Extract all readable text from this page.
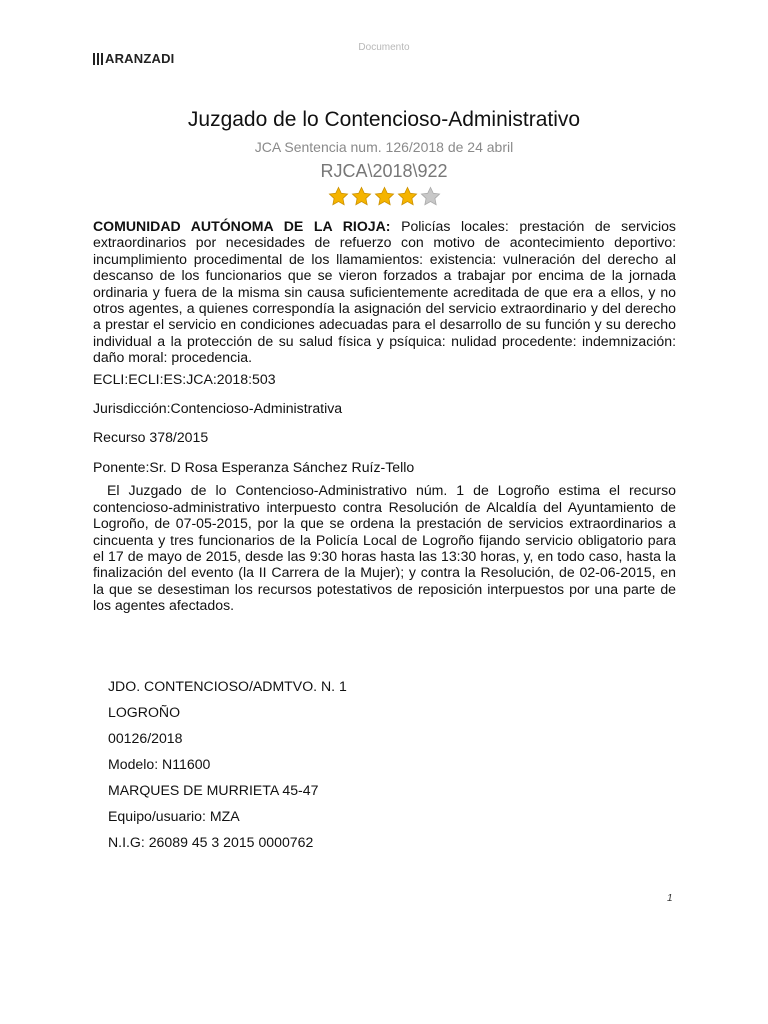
Documento
ARANZADI
Juzgado de lo Contencioso-Administrativo
JCA Sentencia num. 126/2018 de 24 abril
RJCA\2018\922

COMUNIDAD AUTÓNOMA DE LA RIOJA: Policías locales: prestación de servicios extraordinarios por necesidades de refuerzo con motivo de acontecimiento deportivo: incumplimiento procedimental de los llamamientos: existencia: vulneración del derecho al descanso de los funcionarios que se vieron forzados a trabajar por encima de la jornada ordinaria y fuera de la misma sin causa suficientemente acreditada de que era a ellos, y no otros agentes, a quienes correspondía la asignación del servicio extraordinario y del derecho a prestar el servicio en condiciones adecuadas para el desarrollo de su función y su derecho individual a la protección de su salud física y psíquica: nulidad procedente: indemnización: daño moral: procedencia.

ECLI:ECLI:ES:JCA:2018:503
Jurisdicción:Contencioso-Administrativa
Recurso 378/2015
Ponente:Sr. D Rosa Esperanza Sánchez Ruíz-Tello

El Juzgado de lo Contencioso-Administrativo núm. 1 de Logroño estima el recurso contencioso-administrativo interpuesto contra Resolución de Alcaldía del Ayuntamiento de Logroño, de 07-05-2015, por la que se ordena la prestación de servicios extraordinarios a cincuenta y tres funcionarios de la Policía Local de Logroño fijando servicio obligatorio para el 17 de mayo de 2015, desde las 9:30 horas hasta las 13:30 horas, y, en todo caso, hasta la finalización del evento (la II Carrera de la Mujer); y contra la Resolución, de 02-06-2015, en la que se desestiman los recursos potestativos de reposición interpuestos por una parte de los agentes afectados.

JDO. CONTENCIOSO/ADMTVO. N. 1
LOGROÑO
00126/2018
Modelo: N11600
MARQUES DE MURRIETA 45-47
Equipo/usuario: MZA
N.I.G: 26089 45 3 2015 0000762
1
